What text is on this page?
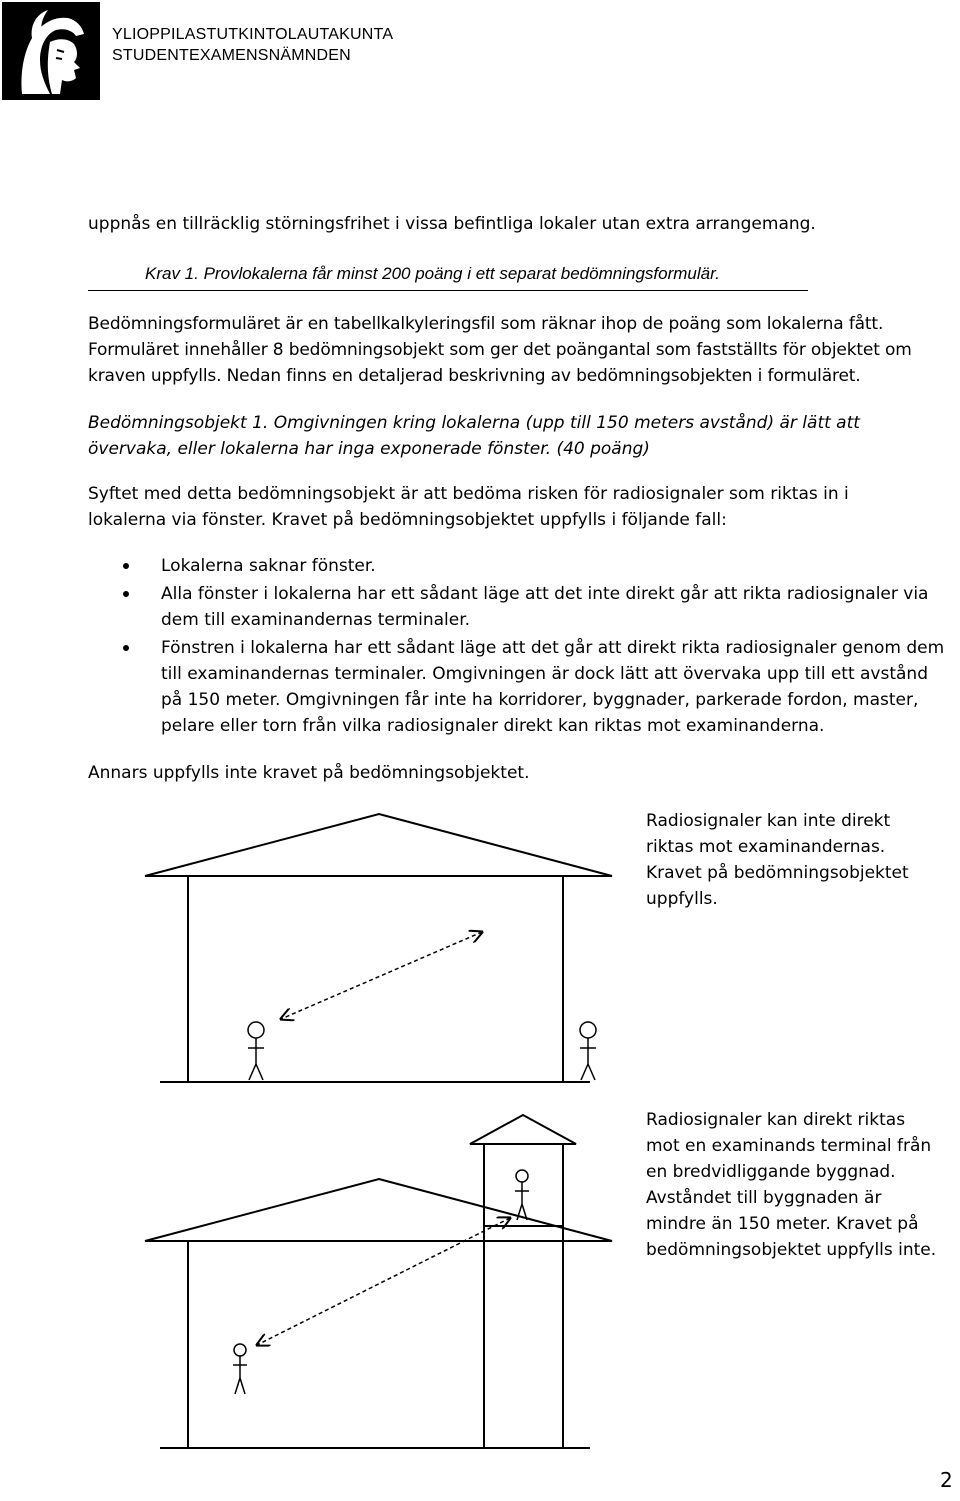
YLIOPPILASTUTKINTOLAUTAKUNTA
STUDENTEXAMENSNÄMNDEN

uppnås en tillräcklig störningsfrihet i vissa befintliga lokaler utan extra arrangemang.

Krav 1. Provlokalerna får minst 200 poäng i ett separat bedömningsformulär.

Bedömningsformuläret är en tabellkalkyleringsfil som räknar ihop de poäng som lokalerna fått. Formuläret innehåller 8 bedömningsobjekt som ger det poängantal som fastställts för objektet om kraven uppfylls. Nedan finns en detaljerad beskrivning av bedömningsobjekten i formuläret.

Bedömningsobjekt 1. Omgivningen kring lokalerna (upp till 150 meters avstånd) är lätt att övervaka, eller lokalerna har inga exponerade fönster. (40 poäng)

Syftet med detta bedömningsobjekt är att bedöma risken för radiosignaler som riktas in i lokalerna via fönster. Kravet på bedömningsobjektet uppfylls i följande fall:

Lokalerna saknar fönster.
Alla fönster i lokalerna har ett sådant läge att det inte direkt går att rikta radiosignaler via dem till examinandernas terminaler.
Fönstren i lokalerna har ett sådant läge att det går att direkt rikta radiosignaler genom dem till examinandernas terminaler. Omgivningen är dock lätt att övervaka upp till ett avstånd på 150 meter. Omgivningen får inte ha korridorer, byggnader, parkerade fordon, master, pelare eller torn från vilka radiosignaler direkt kan riktas mot examinanderna.

Annars uppfylls inte kravet på bedömningsobjektet.

Radiosignaler kan inte direkt
riktas mot examinandernas.
Kravet på bedömningsobjektet
uppfylls.
Radiosignaler kan direkt riktas
mot en examinands terminal från
en bredvidliggande byggnad.
Avståndet till byggnaden är
mindre än 150 meter. Kravet på
bedömningsobjektet uppfylls inte.
2
